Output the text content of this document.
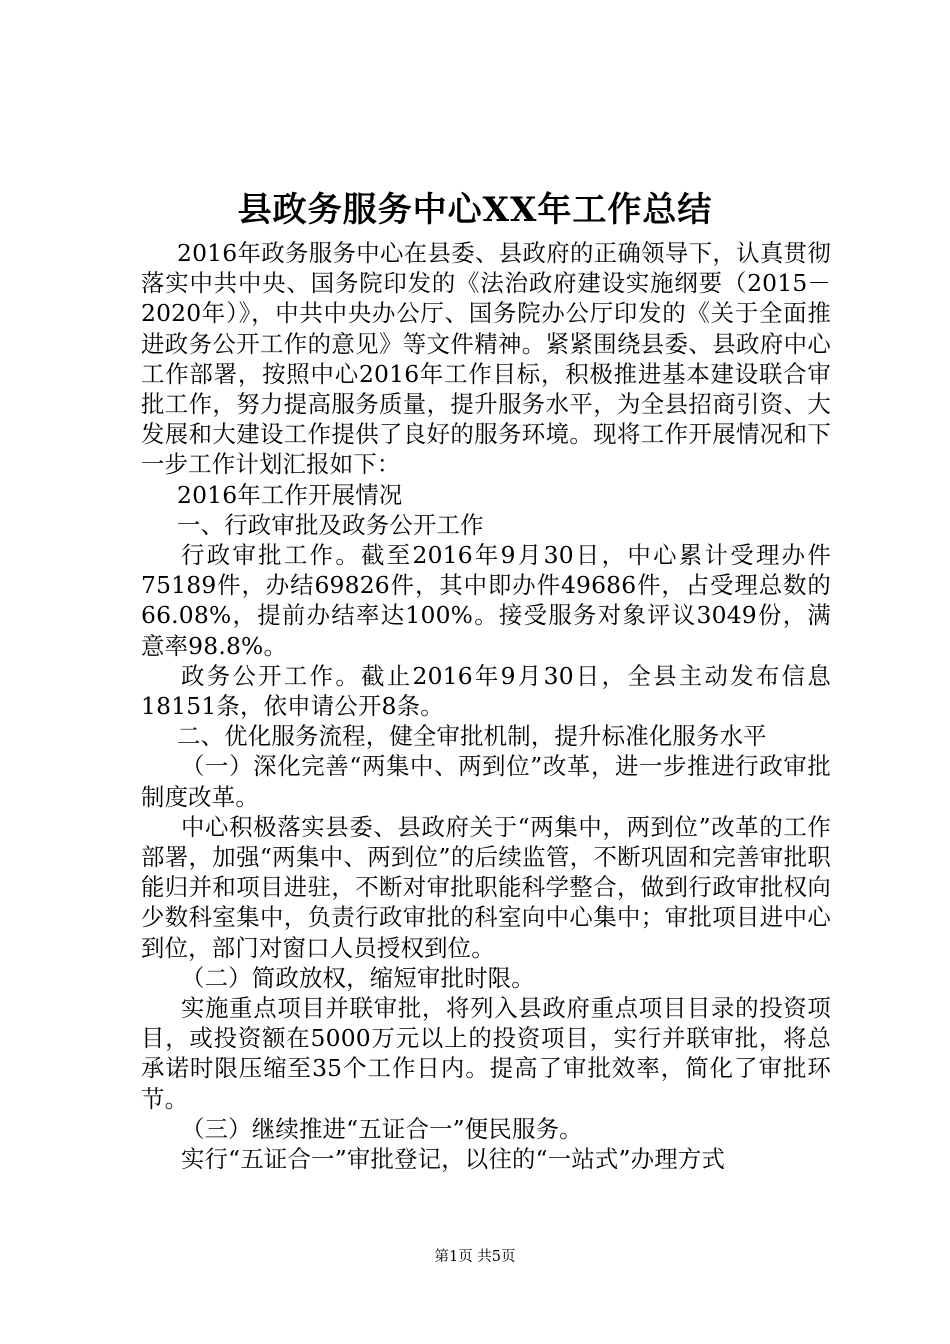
县政务服务中心XX年工作总结

2016年政务服务中心在县委、县政府的正确领导下，认真贯彻落实中共中央、国务院印发的《法治政府建设实施纲要（2015－2020年）》，中共中央办公厅、国务院办公厅印发的《关于全面推进政务公开工作的意见》等文件精神。紧紧围绕县委、县政府中心工作部署，按照中心2016年工作目标，积极推进基本建设联合审批工作，努力提高服务质量，提升服务水平，为全县招商引资、大发展和大建设工作提供了良好的服务环境。现将工作开展情况和下一步工作计划汇报如下：

2016年工作开展情况

一、行政审批及政务公开工作

行政审批工作。截至2016年9月30日，中心累计受理办件75189件，办结69826件，其中即办件49686件，占受理总数的66.08%，提前办结率达100%。接受服务对象评议3049份，满意率98.8%。

政务公开工作。截止2016年9月30日，全县主动发布信息18151条，依申请公开8条。

二、优化服务流程，健全审批机制，提升标准化服务水平

（一）深化完善“两集中、两到位”改革，进一步推进行政审批制度改革。

中心积极落实县委、县政府关于“两集中，两到位”改革的工作部署，加强“两集中、两到位”的后续监管，不断巩固和完善审批职能归并和项目进驻，不断对审批职能科学整合，做到行政审批权向少数科室集中，负责行政审批的科室向中心集中；审批项目进中心到位，部门对窗口人员授权到位。

（二）简政放权，缩短审批时限。

实施重点项目并联审批，将列入县政府重点项目目录的投资项目，或投资额在5000万元以上的投资项目，实行并联审批，将总承诺时限压缩至35个工作日内。提高了审批效率，简化了审批环节。

（三）继续推进“五证合一”便民服务。

实行“五证合一”审批登记，以往的“一站式”办理方式

第1页 共5页
